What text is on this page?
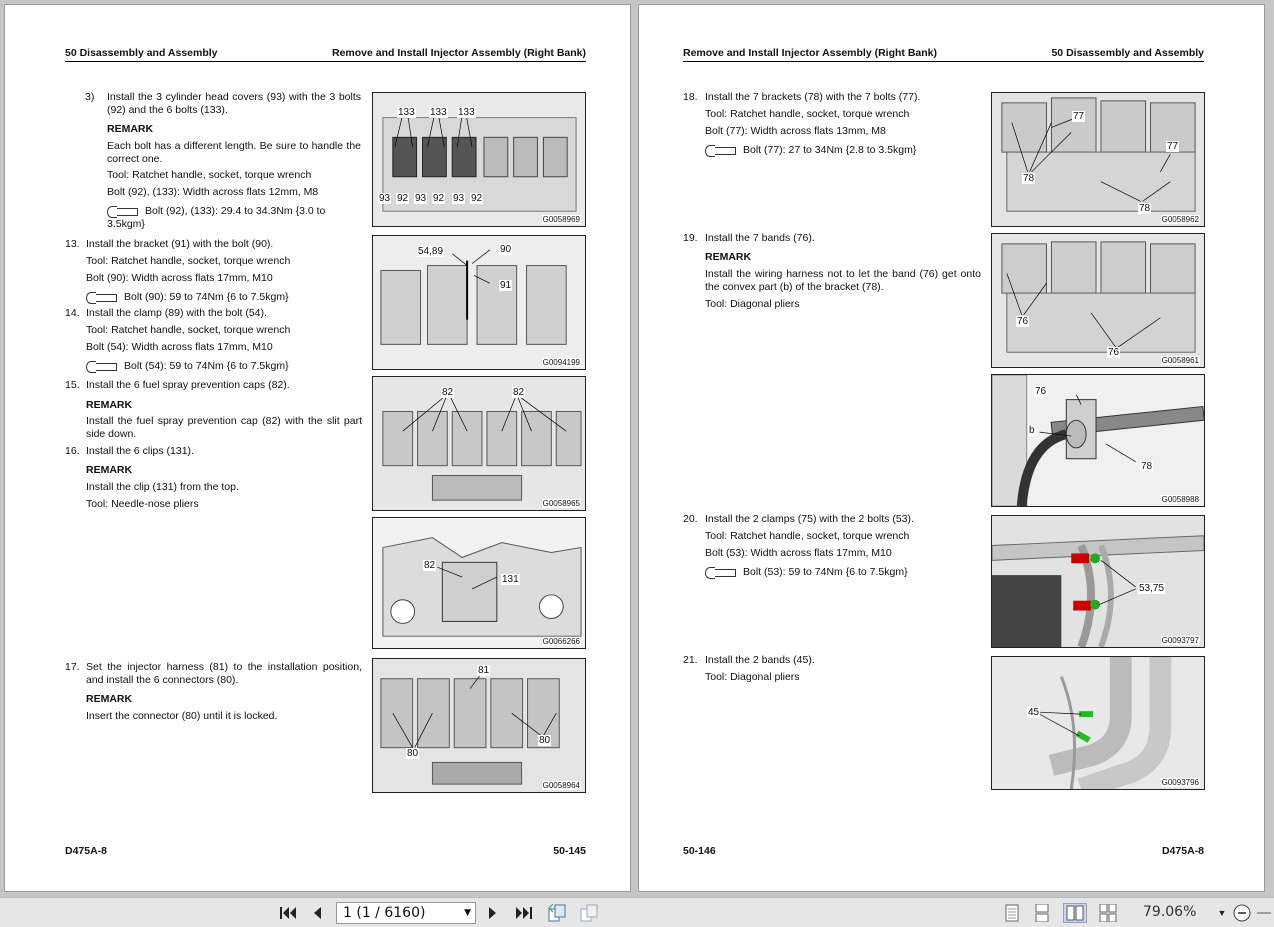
50 Disassembly and Assembly	Remove and Install Injector Assembly (Right Bank)
3)	Install the 3 cylinder head covers (93) with the 3 bolts (92) and the 6 bolts (133).
REMARK
Each bolt has a different length. Be sure to handle the correct one.
Tool: Ratchet handle, socket, torque wrench
Bolt (92), (133): Width across flats 12mm, M8
Bolt (92), (133): 29.4 to 34.3Nm {3.0 to 3.5kgm}
13. Install the bracket (91) with the bolt (90).
Tool: Ratchet handle, socket, torque wrench
Bolt (90): Width across flats 17mm, M10
Bolt (90): 59 to 74Nm {6 to 7.5kgm}
14. Install the clamp (89) with the bolt (54).
Tool: Ratchet handle, socket, torque wrench
Bolt (54): Width across flats 17mm, M10
Bolt (54): 59 to 74Nm {6 to 7.5kgm}
15. Install the 6 fuel spray prevention caps (82).
REMARK
Install the fuel spray prevention cap (82) with the slit part side down.
16. Install the 6 clips (131).
REMARK
Install the clip (131) from the top.
Tool: Needle-nose pliers
17. Set the injector harness (81) to the installation position, and install the 6 connectors (80).
REMARK
Insert the connector (80) until it is locked.
133 133 133
93 92 93 92 93 92
G0058969
54,89	90
91
G0094199
82	82
G0058965
82
131
G0066266
81
80
80
G0058964
D475A-8	50-145
Remove and Install Injector Assembly (Right Bank)	50 Disassembly and Assembly
18. Install the 7 brackets (78) with the 7 bolts (77).
Tool: Ratchet handle, socket, torque wrench
Bolt (77): Width across flats 13mm, M8
Bolt (77): 27 to 34Nm {2.8 to 3.5kgm}
19. Install the 7 bands (76).
REMARK
Install the wiring harness not to let the band (76) get onto the convex part (b) of the bracket (78).
Tool: Diagonal pliers
20. Install the 2 clamps (75) with the 2 bolts (53).
Tool: Ratchet handle, socket, torque wrench
Bolt (53): Width across flats 17mm, M10
Bolt (53): 59 to 74Nm {6 to 7.5kgm}
21. Install the 2 bands (45).
Tool: Diagonal pliers
77
77
78
78
G0058962
76
76
G0058961
76
b
78
G0058988
53,75
G0093797
45
G0093796
50-146	D475A-8
1 (1 / 6160)	▼	79.06% ▼
